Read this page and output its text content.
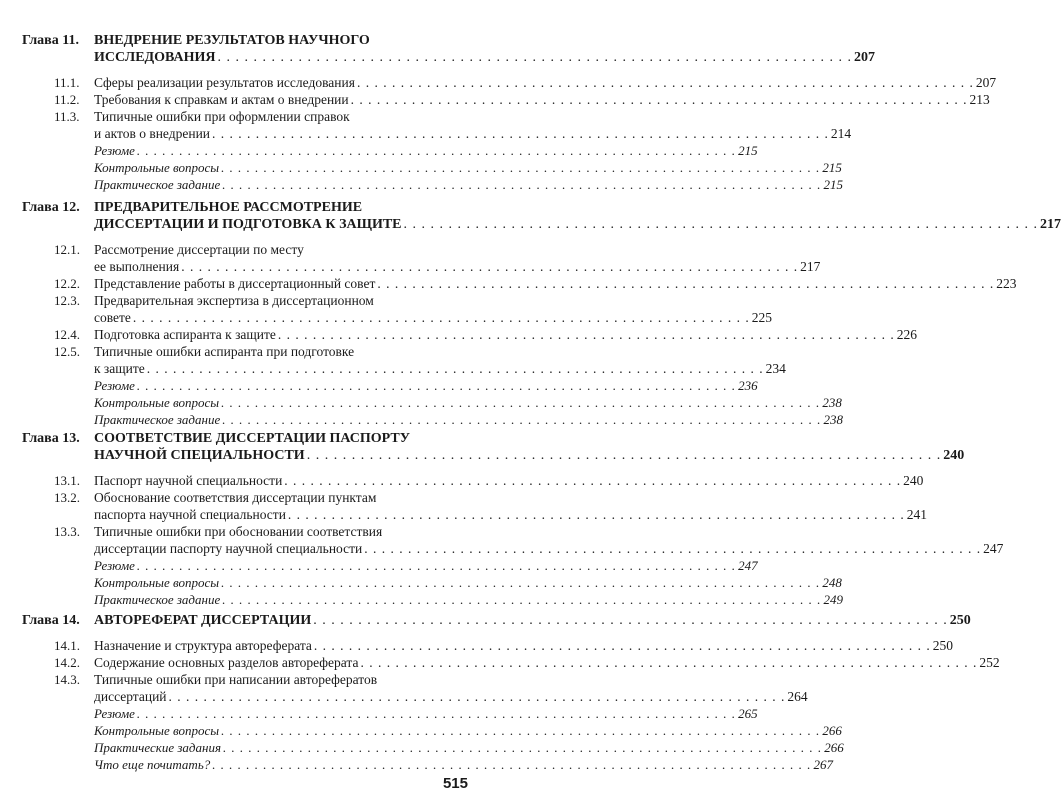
Глава 11. ВНЕДРЕНИЕ РЕЗУЛЬТАТОВ НАУЧНОГО
ИССЛЕДОВАНИЯ . . . . . . . . . . . . . . . . . . . . . . . . . . . . . . . . . . . . . . . . . . . . . . . . . . . . . . . . . . . . . . . . . . . . . . . 207
11.1. Сферы реализации результатов исследования . . . . . . . . . . . . . . . . . . . . . . . . . . . . . . . . . . . . . . . . . . . . . . . . . . . . . . . . . . . . . . . . . . . . . . . 207
11.2. Требования к справкам и актам о внедрении . . . . . . . . . . . . . . . . . . . . . . . . . . . . . . . . . . . . . . . . . . . . . . . . . . . . . . . . . . . . . . . . . . . . . . . 213
11.3. Типичные ошибки при оформлении справок
и актов о внедрении . . . . . . . . . . . . . . . . . . . . . . . . . . . . . . . . . . . . . . . . . . . . . . . . . . . . . . . . . . . . . . . . . . . . . . . 214
Резюме . . . . . . . . . . . . . . . . . . . . . . . . . . . . . . . . . . . . . . . . . . . . . . . . . . . . . . . . . . . . . . . . . . . . . . . 215
Контрольные вопросы . . . . . . . . . . . . . . . . . . . . . . . . . . . . . . . . . . . . . . . . . . . . . . . . . . . . . . . . . . . . . . . . . . . . . . . 215
Практическое задание . . . . . . . . . . . . . . . . . . . . . . . . . . . . . . . . . . . . . . . . . . . . . . . . . . . . . . . . . . . . . . . . . . . . . . . 215
Глава 12. ПРЕДВАРИТЕЛЬНОЕ РАССМОТРЕНИЕ
ДИССЕРТАЦИИ И ПОДГОТОВКА К ЗАЩИТЕ . . . . . . . . . . . . . . . . . . . . . . . . . . . . . . . . . . . . . . . . . . . . . . . . . . . . . . . . . . . . . . . . . . . . . . . 217
12.1. Рассмотрение диссертации по месту
ее выполнения . . . . . . . . . . . . . . . . . . . . . . . . . . . . . . . . . . . . . . . . . . . . . . . . . . . . . . . . . . . . . . . . . . . . . . . 217
12.2. Представление работы в диссертационный совет . . . . . . . . . . . . . . . . . . . . . . . . . . . . . . . . . . . . . . . . . . . . . . . . . . . . . . . . . . . . . . . . . . . . . . . 223
12.3. Предварительная экспертиза в диссертационном
совете . . . . . . . . . . . . . . . . . . . . . . . . . . . . . . . . . . . . . . . . . . . . . . . . . . . . . . . . . . . . . . . . . . . . . . . 225
12.4. Подготовка аспиранта к защите . . . . . . . . . . . . . . . . . . . . . . . . . . . . . . . . . . . . . . . . . . . . . . . . . . . . . . . . . . . . . . . . . . . . . . . 226
12.5. Типичные ошибки аспиранта при подготовке
к защите . . . . . . . . . . . . . . . . . . . . . . . . . . . . . . . . . . . . . . . . . . . . . . . . . . . . . . . . . . . . . . . . . . . . . . . 234
Резюме . . . . . . . . . . . . . . . . . . . . . . . . . . . . . . . . . . . . . . . . . . . . . . . . . . . . . . . . . . . . . . . . . . . . . . . 236
Контрольные вопросы . . . . . . . . . . . . . . . . . . . . . . . . . . . . . . . . . . . . . . . . . . . . . . . . . . . . . . . . . . . . . . . . . . . . . . . 238
Практическое задание . . . . . . . . . . . . . . . . . . . . . . . . . . . . . . . . . . . . . . . . . . . . . . . . . . . . . . . . . . . . . . . . . . . . . . . 238
Глава 13. СООТВЕТСТВИЕ ДИССЕРТАЦИИ ПАСПОРТУ
НАУЧНОЙ СПЕЦИАЛЬНОСТИ . . . . . . . . . . . . . . . . . . . . . . . . . . . . . . . . . . . . . . . . . . . . . . . . . . . . . . . . . . . . . . . . . . . . . . . 240
13.1. Паспорт научной специальности . . . . . . . . . . . . . . . . . . . . . . . . . . . . . . . . . . . . . . . . . . . . . . . . . . . . . . . . . . . . . . . . . . . . . . . 240
13.2. Обоснование соответствия диссертации пунктам
паспорта научной специальности . . . . . . . . . . . . . . . . . . . . . . . . . . . . . . . . . . . . . . . . . . . . . . . . . . . . . . . . . . . . . . . . . . . . . . . 241
13.3. Типичные ошибки при обосновании соответствия
диссертации паспорту научной специальности . . . . . . . . . . . . . . . . . . . . . . . . . . . . . . . . . . . . . . . . . . . . . . . . . . . . . . . . . . . . . . . . . . . . . . . 247
Резюме . . . . . . . . . . . . . . . . . . . . . . . . . . . . . . . . . . . . . . . . . . . . . . . . . . . . . . . . . . . . . . . . . . . . . . . 247
Контрольные вопросы . . . . . . . . . . . . . . . . . . . . . . . . . . . . . . . . . . . . . . . . . . . . . . . . . . . . . . . . . . . . . . . . . . . . . . . 248
Практическое задание . . . . . . . . . . . . . . . . . . . . . . . . . . . . . . . . . . . . . . . . . . . . . . . . . . . . . . . . . . . . . . . . . . . . . . . 249
Глава 14. АВТОРЕФЕРАТ ДИССЕРТАЦИИ . . . . . . . . . . . . . . . . . . . . . . . . . . . . . . . . . . . . . . . . . . . . . . . . . . . . . . . . . . . . . . . . . . . . . . . 250
14.1. Назначение и структура автореферата . . . . . . . . . . . . . . . . . . . . . . . . . . . . . . . . . . . . . . . . . . . . . . . . . . . . . . . . . . . . . . . . . . . . . . . 250
14.2. Содержание основных разделов автореферата . . . . . . . . . . . . . . . . . . . . . . . . . . . . . . . . . . . . . . . . . . . . . . . . . . . . . . . . . . . . . . . . . . . . . . . 252
14.3. Типичные ошибки при написании авторефератов
диссертаций . . . . . . . . . . . . . . . . . . . . . . . . . . . . . . . . . . . . . . . . . . . . . . . . . . . . . . . . . . . . . . . . . . . . . . . 264
Резюме . . . . . . . . . . . . . . . . . . . . . . . . . . . . . . . . . . . . . . . . . . . . . . . . . . . . . . . . . . . . . . . . . . . . . . . 265
Контрольные вопросы . . . . . . . . . . . . . . . . . . . . . . . . . . . . . . . . . . . . . . . . . . . . . . . . . . . . . . . . . . . . . . . . . . . . . . . 266
Практические задания . . . . . . . . . . . . . . . . . . . . . . . . . . . . . . . . . . . . . . . . . . . . . . . . . . . . . . . . . . . . . . . . . . . . . . . 266
Что еще почитать? . . . . . . . . . . . . . . . . . . . . . . . . . . . . . . . . . . . . . . . . . . . . . . . . . . . . . . . . . . . . . . . . . . . . . . . 267
515
